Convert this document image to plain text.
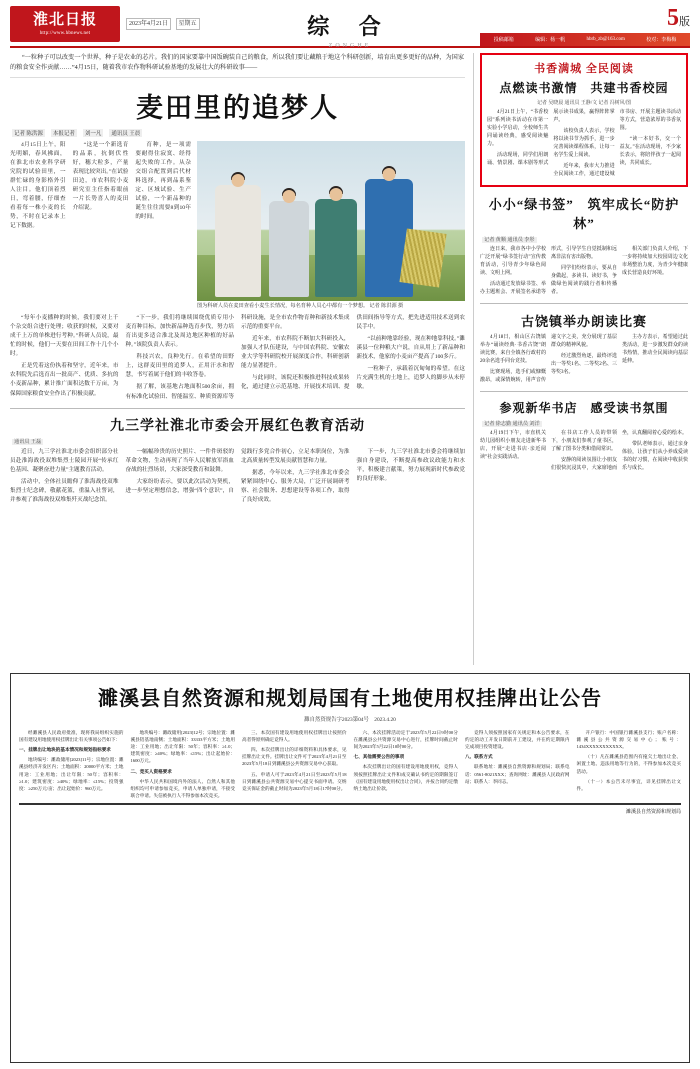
淮北日报
http://www.hbnews.net
2023年4月21日 星期五	综 合
ZONGHE
5版
投稿邮箱	编辑：杨一帆	hbrb_zb@163.com	校对：李梅梅
“一粒种子可以改变一个世界，种子是农业的芯片。我们的国家要靠中国饭碗装自己的粮食，所以我们要让藏粮于地这个科研创新，培育出更多更好的品种，为国家的粮食安全作贡献……”4月15日，随着我市农作物科研试验基地的发展壮大的科研故事——
麦田里的追梦人
记者 陈洪源	本报记者	刘一凡	通讯员 王晨
图为科研人员在麦田查看小麦生长情况，每名育种人员心中都有一个梦想。 记者 陈洪源 摄

4月15日上午，阳光明媚，春风拂面，在淮北市农业科学研究院的试验田里，一群忙碌的身影格外引人注目。他们顶着烈日，弯着腰，仔细查看着每一株小麦的长势，不时在记录本上记下数据。

“这是一个新选育的品系，抗倒伏性好，穗大粒多，产量表现比较突出。”在试验田边，市农科院小麦研究室主任指着眼前一片长势喜人的麦田介绍说。

育种，是一项需要耐得住寂寞、经得起失败的工作。从杂交组合配置到后代材料选择，再到品系鉴定、区域试验、生产试验，一个新品种的诞生往往需要8到10年的时间。

“每年小麦播种的时候，我们要对上千个杂交组合进行处理；收获的时候，又要对成千上万的单株进行考种。”科研人员说，最忙的时候，他们一天要在田间工作十几个小时。

正是凭着这份执着和坚守，近年来，市农科院先后选育出一批高产、优质、多抗的小麦新品种，累计推广面积达数千万亩，为保障国家粮食安全作出了积极贡献。

“下一步，我们将继续围绕优质专用小麦育种目标，加快新品种选育步伐，努力培育出更多适合淮北及周边地区种植的好品种。”该院负责人表示。

科技兴农，良种先行。在希望的田野上，这群麦田里的追梦人，正用汗水和智慧，书写着属于他们的丰收答卷。

据了解，该基地占地面积500余亩，拥有标准化试验田、智能温室、种质资源库等科研设施，是全市农作物育种和新技术集成示范的重要平台。

近年来，市农科院不断加大科研投入，加强人才队伍建设，与中国农科院、安徽农业大学等科研院校开展深度合作，科研创新能力显著提升。

与此同时，该院还积极推进科技成果转化，通过建立示范基地、开展技术培训、提供田间指导等方式，把先进适用技术送到农民手中。

“以前种地靠经验，现在种地靠科技。”濉溪县一位种粮大户说，自从用上了新品种和新技术，他家的小麦亩产提高了100多斤。

一粒种子，承载着沉甸甸的希望。在这片充满生机的土地上，追梦人的脚步从未停歇。

九三学社淮北市委会开展红色教育活动
通讯员 王磊

近日，九三学社淮北市委会组织部分社员赴淮海战役双堆集烈士陵园开展“传承红色基因、凝聚奋进力量”主题教育活动。

活动中，全体社员瞻仰了淮海战役双堆集烈士纪念碑，敬献花篮，重温入社誓词，并参观了淮海战役双堆集歼灭战纪念馆。

一幅幅珍贵的历史照片、一件件斑驳的革命文物，生动再现了当年人民解放军浴血奋战的壮烈场景，大家深受教育和鼓舞。

大家纷纷表示，要以此次活动为契机，进一步坚定理想信念，增强“四个意识”，自觉践行多党合作初心，立足本职岗位，为淮北高质量转型发展贡献智慧和力量。

据悉，今年以来，九三学社淮北市委会紧紧围绕中心、服务大局，广泛开展调研考察、社会服务、思想建设等各项工作，取得了良好成效。

下一步，九三学社淮北市委会将继续加强自身建设，不断提高参政议政能力和水平，积极建言献策，努力展现新时代参政党的良好形象。

书香满城 全民阅读
点燃读书激情　共建书香校园
记者 吴晓晨 通讯员 王静/文 记者 冯树风/图

4月21日上午，“书香校园”系列读书活动在市第一实验小学启动，全校师生共同诵读经典，感受阅读魅力。

活动现场，同学们用朗诵、情景剧、课本剧等形式展示读书成果，赢得阵阵掌声。

该校负责人表示，学校将以读书节为抓手，进一步完善阅读课程体系，让每一名学生爱上阅读。

近年来，我市大力推进全民阅读工作，通过建设城市书房、开展主题读书活动等方式，营造浓厚的书香氛围。

“读一本好书，交一个益友。”在活动现场，不少家长表示，将陪伴孩子一起阅读，共同成长。

小小“绿书签”　筑牢成长“防护林”
记者 黄顺 通讯员 李彤

连日来，我市各中小学校广泛开展“绿书签行动”宣传教育活动，引导青少年绿色阅读、文明上网。

活动通过发放绿书签、举办主题班会、开展签名承诺等形式，引导学生自觉抵制和远离非法有害出版物。

同学们纷纷表示，要从自身做起，多读书、读好书，争做绿色阅读的践行者和传播者。

相关部门负责人介绍，下一步将持续加大校园周边文化市场整治力度，为青少年健康成长营造良好环境。

古饶镇举办朗读比赛

4月18日，相山区古饶镇举办“诵读经典·书香古饶”朗读比赛，来自全镇各行政村的20余名选手同台竞技。

比赛现场，选手们或慷慨激昂，或深情婉转，用声音传递文字之美，充分展现了基层群众的精神风貌。

经过激烈角逐，最终评选出一等奖1名、二等奖2名、三等奖3名。

主办方表示，希望通过此类活动，进一步激发群众的读书热情，推动全民阅读向基层延伸。

参观新华书店　感受读书氛围
记者 徐志勤 通讯员 刘洋

4月19日下午，市直机关幼儿园组织小朋友走进新华书店，开展“走进书店·亲近阅读”社会实践活动。

在书店工作人员的带领下，小朋友们参观了童书区，了解了图书分类和借阅常识。

安静的阅读氛围让小朋友们很快沉浸其中，大家席地而坐，认真翻阅着心爱的绘本。

带队老师表示，通过亲身体验，让孩子们从小养成爱读书的好习惯，在阅读中收获快乐与成长。

濉溪县自然资源和规划局国有土地使用权挂牌出让公告
濉自然资规告字2023第04号 2023.4.20

经濉溪县人民政府批准，现将我局组织实施的国有建设用地使用权挂牌出让有关事项公告如下：

一、挂牌出让地块的基本情况和规划指标要求

地块编号：濉政储用[2023]11号；宗地位置：濉溪县经济开发区内；土地面积：20000平方米；土地用途：工业用地；出让年限：50年；容积率：≥1.0；建筑密度：≥40%；绿地率：≤15%；投资强度：≥250万元/亩；出让起始价：960万元。

地块编号：濉政储用[2023]12号；宗地位置：濉溪县铝基地南侧；土地面积：33333平方米；土地用途：工业用地；出让年限：50年；容积率：≥1.0；建筑密度：≥40%；绿地率：≤15%；出让起始价：1600万元。

二、竞买人资格要求

中华人民共和国境内外的法人、自然人和其他组织均可申请参加竞买，申请人单独申请，不接受联合申请。失信被执行人不得参加本次竞买。

三、本次国有建设用地使用权挂牌出让按照价高者得原则确定竞得人。

四、本次挂牌出让的详细资料和具体要求，见挂牌出让文件。挂牌出让文件可于2023年4月21日至2023年5月18日到濉溪县公共资源交易中心获取。

五、申请人可于2023年4月21日至2023年5月18日到濉溪县公共资源交易中心提交书面申请。交纳竞买保证金的截止时间为2023年5月18日17时00分。

六、本次挂牌活动定于2023年5月22日9时00分在濉溪县公共资源交易中心进行，挂牌时间截止时间为2023年5月22日10时00分。

七、其他需要公告的事项

本次挂牌出让的国有建设用地使用权，竞得人须按照挂牌出让文件和成交确认书约定的期限签订《国有建设用地使用权出让合同》，并按合同约定缴纳土地出让价款。

竞得人须按照国家有关规定和本公告要求，在约定的动工开发日期前开工建设，并在约定期限内完成项目投资建设。

八、联系方式

联系地址：濉溪县自然资源和规划局；联系电话：0561-8021XXX；查询网址：濉溪县人民政府网站；联系人：李同志。

开户银行：中国银行濉溪县支行；账户名称：濉溪县公共资源交易中心；账号：1434XXXXXXXXXXX。

（十）凡在濉溪县范围内有拖欠土地出让金、闲置土地、违法用地等行为的，不得参加本次竞买活动。

（十一）本公告未尽事宜，详见挂牌出让文件。

濉溪县自然资源和规划局
